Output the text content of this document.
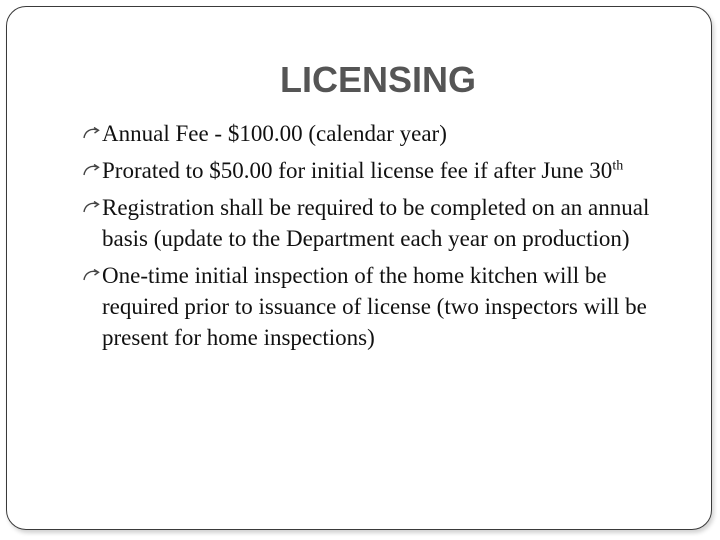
LICENSING
Annual Fee - $100.00 (calendar year)
Prorated to $50.00 for initial license fee if after June 30th
Registration shall be required to be completed on an annual basis (update to the Department each year on production)
One-time initial inspection of the home kitchen will be required prior to issuance of license (two inspectors will be present for home inspections)
